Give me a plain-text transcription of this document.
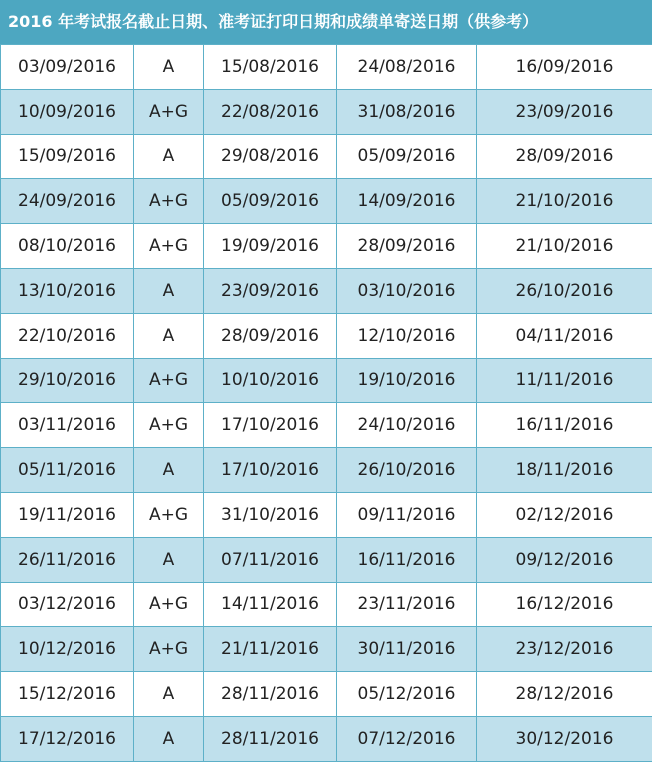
2016 年考试报名截止日期、准考证打印日期和成绩单寄送日期（供参考）
03/09/2016	A	15/08/2016	24/08/2016	16/09/2016
10/09/2016	A+G	22/08/2016	31/08/2016	23/09/2016
15/09/2016	A	29/08/2016	05/09/2016	28/09/2016
24/09/2016	A+G	05/09/2016	14/09/2016	21/10/2016
08/10/2016	A+G	19/09/2016	28/09/2016	21/10/2016
13/10/2016	A	23/09/2016	03/10/2016	26/10/2016
22/10/2016	A	28/09/2016	12/10/2016	04/11/2016
29/10/2016	A+G	10/10/2016	19/10/2016	11/11/2016
03/11/2016	A+G	17/10/2016	24/10/2016	16/11/2016
05/11/2016	A	17/10/2016	26/10/2016	18/11/2016
19/11/2016	A+G	31/10/2016	09/11/2016	02/12/2016
26/11/2016	A	07/11/2016	16/11/2016	09/12/2016
03/12/2016	A+G	14/11/2016	23/11/2016	16/12/2016
10/12/2016	A+G	21/11/2016	30/11/2016	23/12/2016
15/12/2016	A	28/11/2016	05/12/2016	28/12/2016
17/12/2016	A	28/11/2016	07/12/2016	30/12/2016
